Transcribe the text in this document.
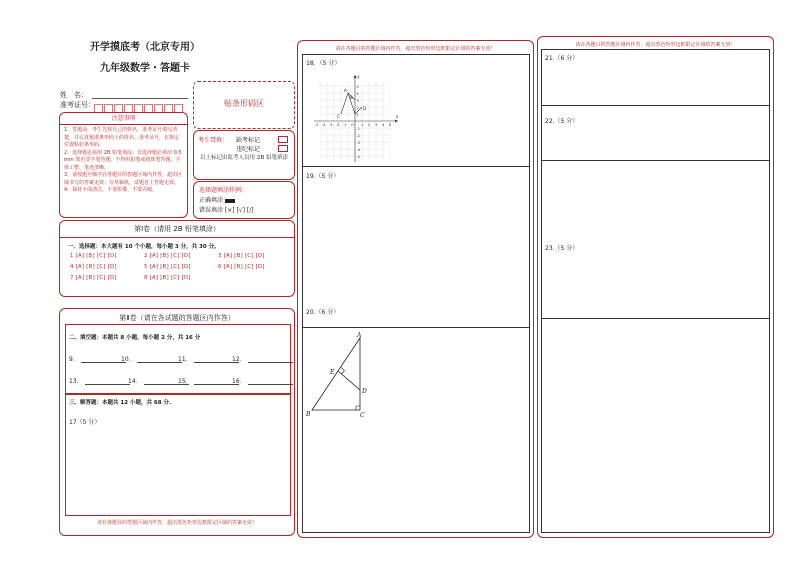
开学摸底考（北京专用）
九年级数学・答题卡
姓　名：
准考证号：	贴条形码区
注意事项
1．答题前，考生先将自己的姓名，准考证号填写清楚，并认真核准条形码上的姓名、准考证号，在规定位置贴好条形码。
2．选择题必须用 2B 铅笔填涂；非选择题必须用 0.5 mm 黑色签字笔答题，不得用铅笔或圆珠笔答题；字体工整、笔迹清晰。
3．请按题号顺序在各题目的答题区域内作答，超出区域书写的答案无效；在草稿纸、试题卷上答题无效。
4．保持卡面清洁，不要折叠、不要弄破。
考生禁填： 缺考标记
违纪标记
以上标记由监考人员用 2B 铅笔填涂
选择题填涂样例：
正确填涂
错误填涂 [×] [√] [/]
第Ⅰ卷（请用 2B 铅笔填涂）
一、选择题：本大题有 10 个小题，每小题 3 分，共 30 分。
1 [A] [B] [C] [D]	2 [A] [B] [C] [D]	3 [A] [B] [C] [D]
4 [A] [B] [C] [D]	5 [A] [B] [C] [D]	6 [A] [B] [C] [D]
7 [A] [B] [C] [D]	8 [A] [B] [C] [D]
第Ⅱ卷（请在各试题的答题区内作答）
二、填空题：本题共 8 小题，每小题 2 分，共 16 分
9．	10．	11．	12．
13．	14．	15．	16．
三、解答题：本题共 12 小题，共 68 分.
17（5 分）
请在各题目的答题区域内作答，超出黑色矩形边框限定区域的答案无效！
请在各题目的答题区域内作答，超出黑色矩形边框限定区域的答案无效！
18．（5 分）
19.（5 分）
20.（6 分）
x
y
A
B
C
D
-5 -4 -3 -2 -1 O 1 2 3 4 5
5
4
3
2
1
-1
-2
-3
-4
-5
A
B	C
D
E
请在各题目的答题区域内作答，超出黑色矩形边框限定区域的答案无效！
21.（6 分）
22.（5 分）
23.（5 分）
